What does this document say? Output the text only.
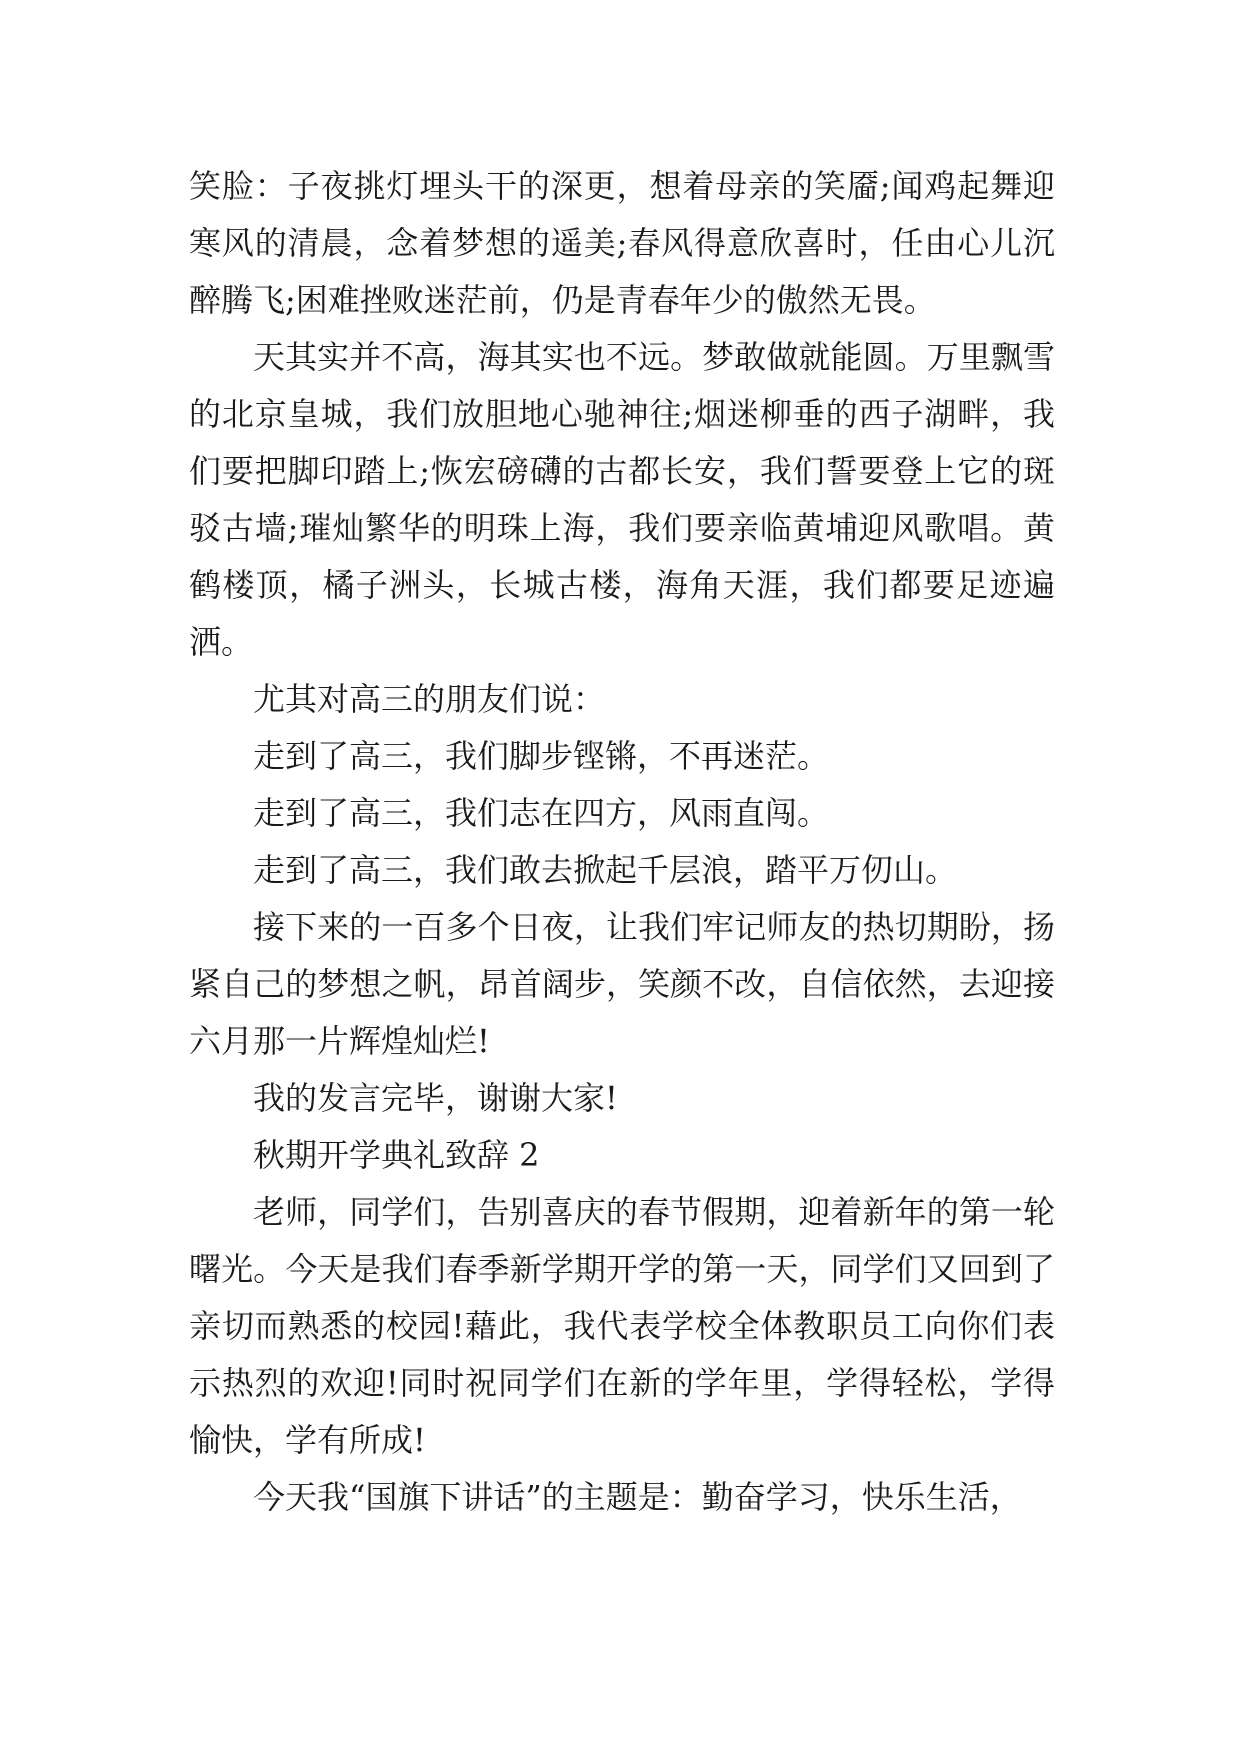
笑脸：子夜挑灯埋头干的深更，想着母亲的笑靥;闻鸡起舞迎寒风的清晨，念着梦想的遥美;春风得意欣喜时，任由心儿沉醉腾飞;困难挫败迷茫前，仍是青春年少的傲然无畏。

天其实并不高，海其实也不远。梦敢做就能圆。万里飘雪的北京皇城，我们放胆地心驰神往;烟迷柳垂的西子湖畔，我们要把脚印踏上;恢宏磅礴的古都长安，我们誓要登上它的斑驳古墙;璀灿繁华的明珠上海，我们要亲临黄埔迎风歌唱。黄鹤楼顶，橘子洲头，长城古楼，海角天涯，我们都要足迹遍洒。

尤其对高三的朋友们说：

走到了高三，我们脚步铿锵，不再迷茫。

走到了高三，我们志在四方，风雨直闯。

走到了高三，我们敢去掀起千层浪，踏平万仞山。

接下来的一百多个日夜，让我们牢记师友的热切期盼，扬紧自己的梦想之帆，昂首阔步，笑颜不改，自信依然，去迎接六月那一片辉煌灿烂!

我的发言完毕，谢谢大家!

秋期开学典礼致辞 2

老师，同学们，告别喜庆的春节假期，迎着新年的第一轮曙光。今天是我们春季新学期开学的第一天，同学们又回到了亲切而熟悉的校园!藉此，我代表学校全体教职员工向你们表示热烈的欢迎!同时祝同学们在新的学年里，学得轻松，学得愉快，学有所成!

今天我“国旗下讲话”的主题是：勤奋学习，快乐生活，
